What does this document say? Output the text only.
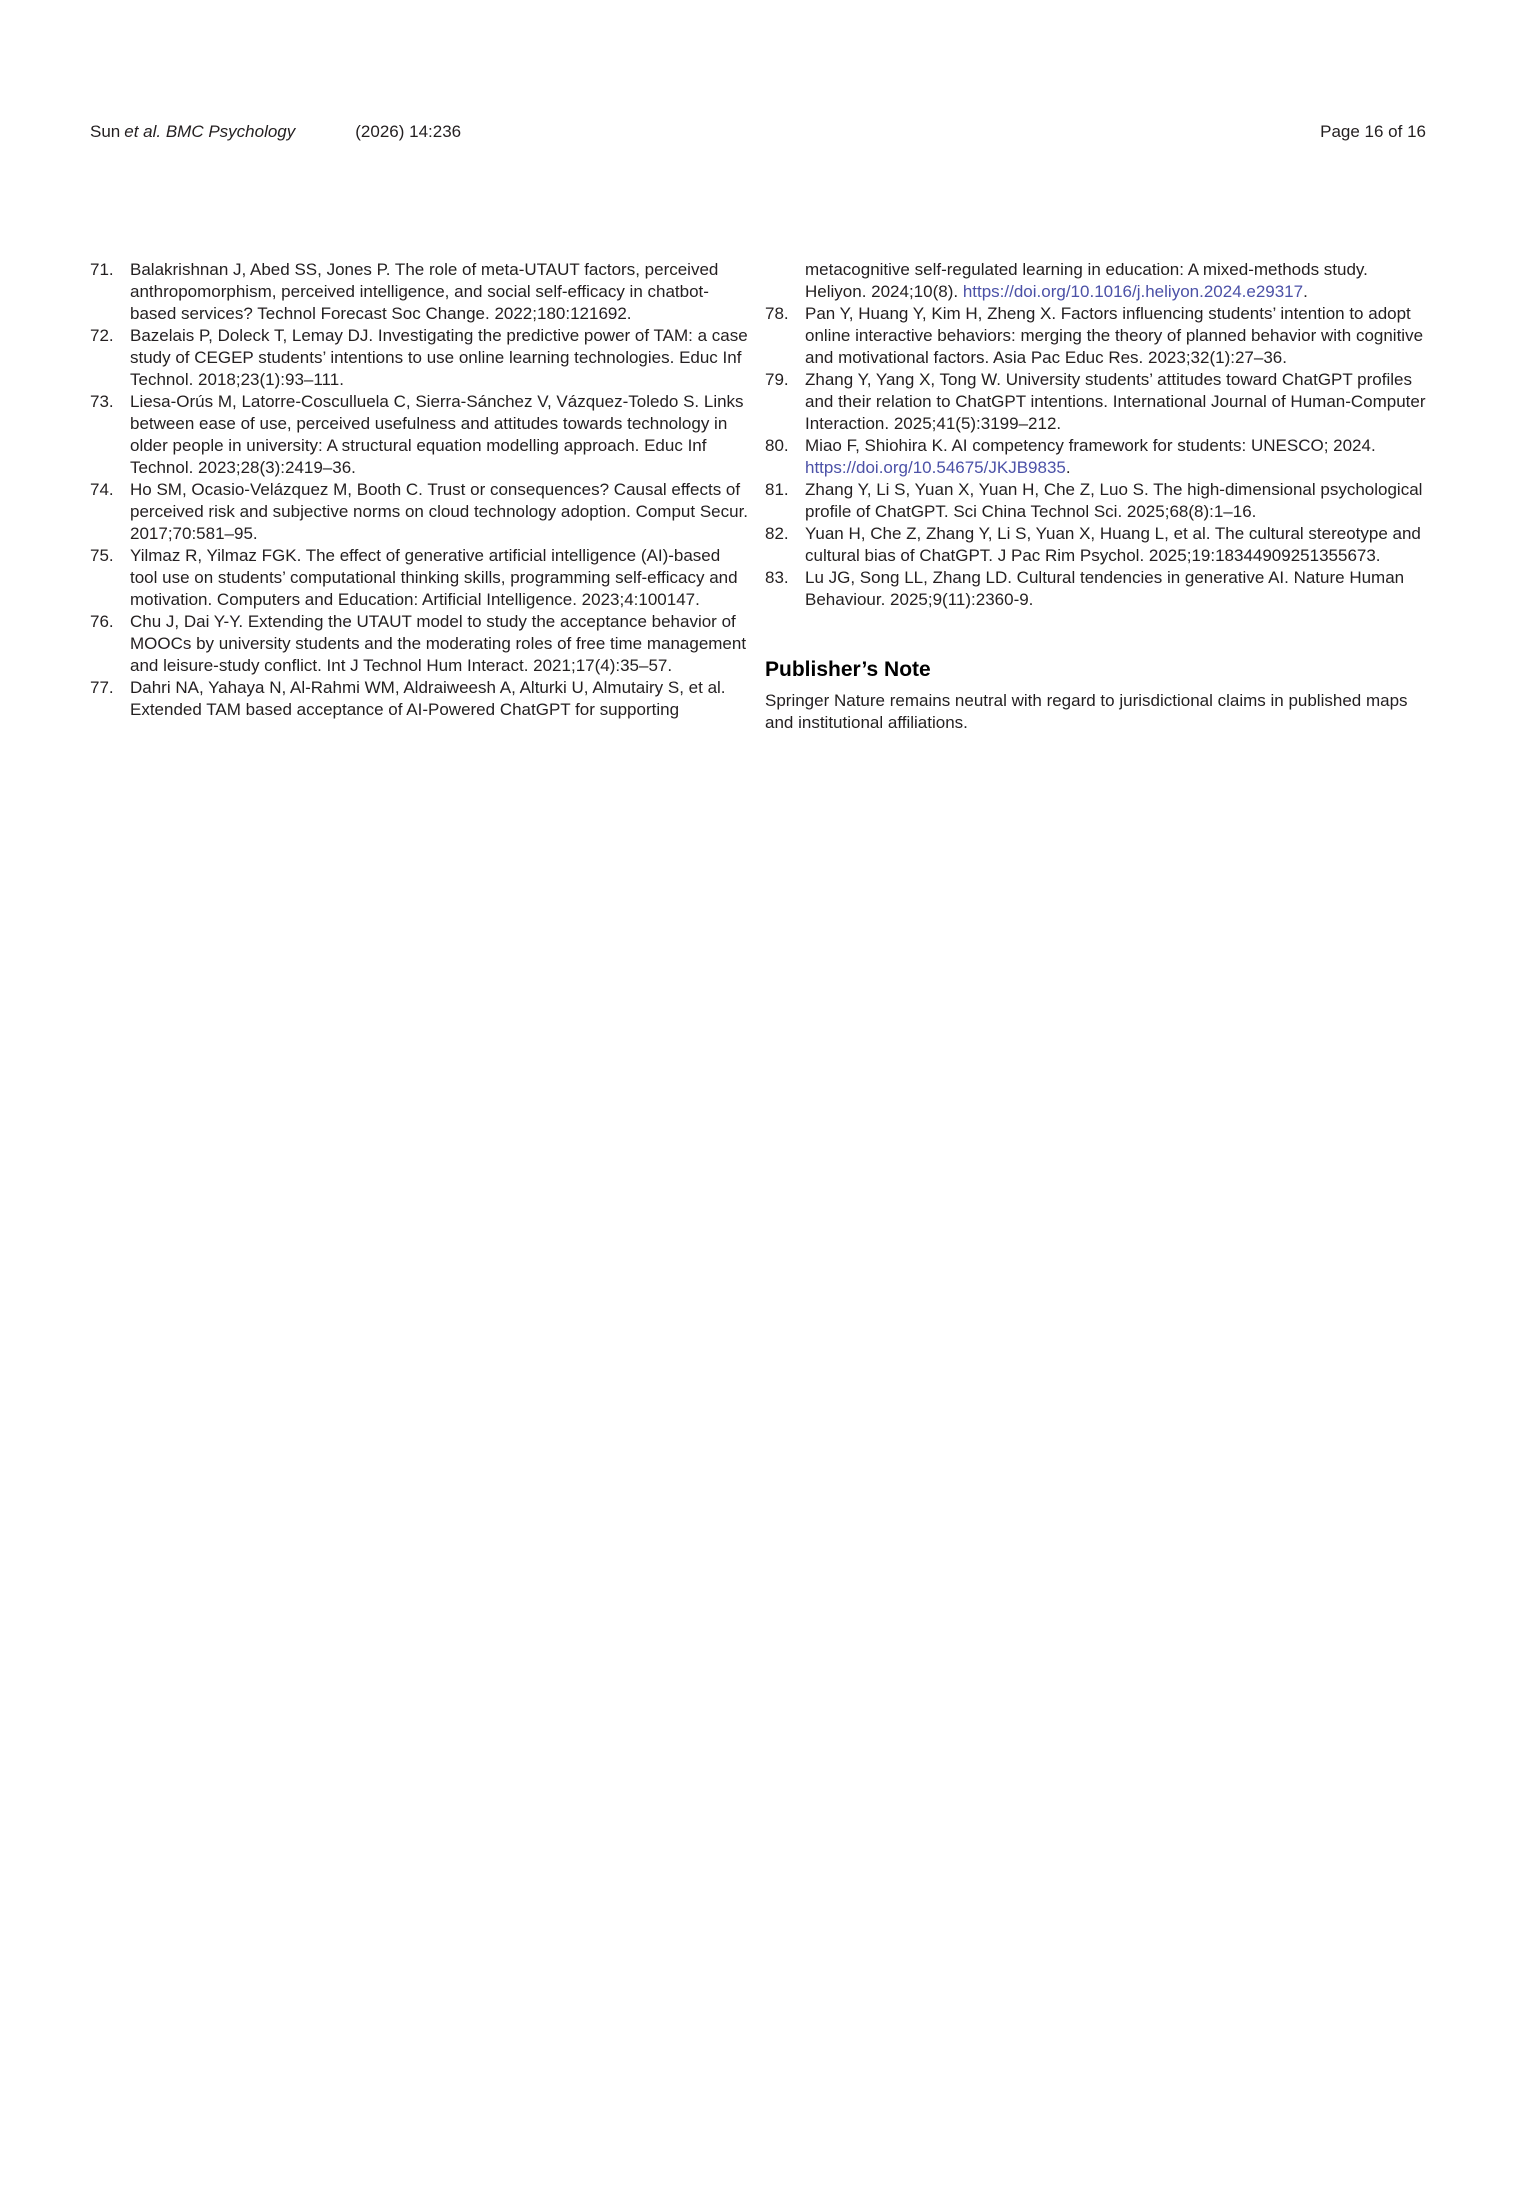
Sun et al. BMC Psychology	(2026) 14:236	Page 16 of 16
71. Balakrishnan J, Abed SS, Jones P. The role of meta-UTAUT factors, perceived anthropomorphism, perceived intelligence, and social self-efficacy in chatbot-based services? Technol Forecast Soc Change. 2022;180:121692.
72. Bazelais P, Doleck T, Lemay DJ. Investigating the predictive power of TAM: a case study of CEGEP students’ intentions to use online learning technologies. Educ Inf Technol. 2018;23(1):93–111.
73. Liesa-Orús M, Latorre-Cosculluela C, Sierra-Sánchez V, Vázquez-Toledo S. Links between ease of use, perceived usefulness and attitudes towards technology in older people in university: A structural equation modelling approach. Educ Inf Technol. 2023;28(3):2419–36.
74. Ho SM, Ocasio-Velázquez M, Booth C. Trust or consequences? Causal effects of perceived risk and subjective norms on cloud technology adoption. Comput Secur. 2017;70:581–95.
75. Yilmaz R, Yilmaz FGK. The effect of generative artificial intelligence (AI)-based tool use on students’ computational thinking skills, programming self-efficacy and motivation. Computers and Education: Artificial Intelligence. 2023;4:100147.
76. Chu J, Dai Y-Y. Extending the UTAUT model to study the acceptance behavior of MOOCs by university students and the moderating roles of free time management and leisure-study conflict. Int J Technol Hum Interact. 2021;17(4):35–57.
77. Dahri NA, Yahaya N, Al-Rahmi WM, Aldraiweesh A, Alturki U, Almutairy S, et al. Extended TAM based acceptance of AI-Powered ChatGPT for supporting
metacognitive self-regulated learning in education: A mixed-methods study. Heliyon. 2024;10(8). https://doi.org/10.1016/j.heliyon.2024.e29317.
78. Pan Y, Huang Y, Kim H, Zheng X. Factors influencing students’ intention to adopt online interactive behaviors: merging the theory of planned behavior with cognitive and motivational factors. Asia Pac Educ Res. 2023;32(1):27–36.
79. Zhang Y, Yang X, Tong W. University students’ attitudes toward ChatGPT profiles and their relation to ChatGPT intentions. International Journal of Human-Computer Interaction. 2025;41(5):3199–212.
80. Miao F, Shiohira K. AI competency framework for students: UNESCO; 2024. https://doi.org/10.54675/JKJB9835.
81. Zhang Y, Li S, Yuan X, Yuan H, Che Z, Luo S. The high-dimensional psychological profile of ChatGPT. Sci China Technol Sci. 2025;68(8):1–16.
82. Yuan H, Che Z, Zhang Y, Li S, Yuan X, Huang L, et al. The cultural stereotype and cultural bias of ChatGPT. J Pac Rim Psychol. 2025;19:18344909251355673.
83. Lu JG, Song LL, Zhang LD. Cultural tendencies in generative AI. Nature Human Behaviour. 2025;9(11):2360-9.
Publisher’s Note

Springer Nature remains neutral with regard to jurisdictional claims in published maps and institutional affiliations.
